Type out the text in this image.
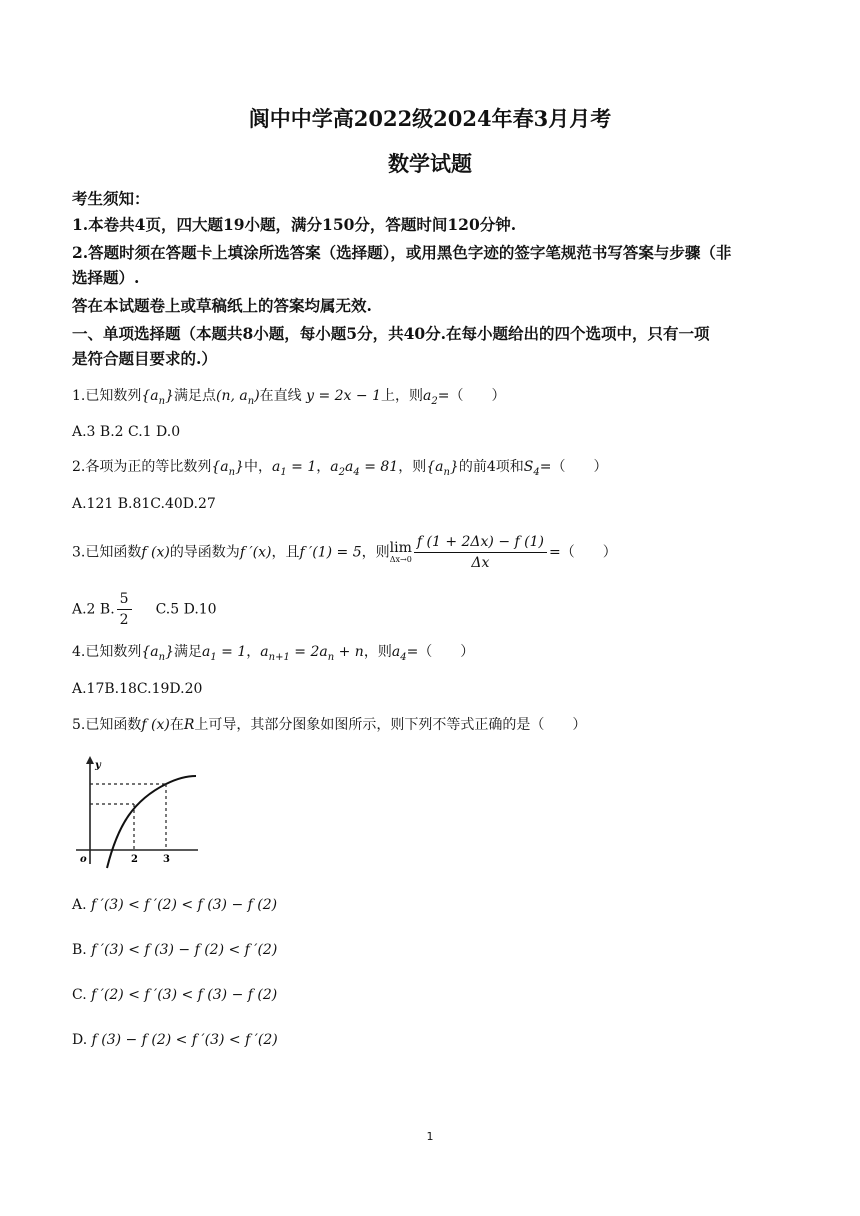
阆中中学高2022级2024年春3月月考
数学试题
考生须知：
1.本卷共4页，四大题19小题，满分150分，答题时间120分钟.
2.答题时须在答题卡上填涂所选答案（选择题），或用黑色字迹的签字笔规范书写答案与步骤（非
选择题）.
答在本试题卷上或草稿纸上的答案均属无效.
一、单项选择题（本题共8小题，每小题5分，共40分.在每小题给出的四个选项中，只有一项
是符合题目要求的.）
1.已知数列$\{a_n\}$满足点(n, $a_n$)在直线 y = 2x − 1上，则$a_2=$（　　）
A.3 B.2 C.1 D.0
2.各项为正的等比数列$\{a_n\}$中，$a_1 = 1$，$a_2a_4 = 81$，则$\{a_n\}$的前4项和$S_4=$（　　）
A.121 B.81C.40D.27
3.已知函数f (x)的导函数为f ′(x)，且f ′(1) = 5，则lim
$\Delta x\to 0 \frac{f (1 + 2\Delta x) - f (1)}{\Delta x}$ =（　　）
A.2 B. $\frac{5}{2} C.5$ D.10
4.已知数列$\{a_n\}$满足$a_1 = 1$，$a_{n+1} = 2a_n + n$，则$a_4=$（　　）
A.17B.18C.19D.20
5.已知函数f (x)在R上可导，其部分图象如图所示，则下列不等式正确的是（　　）
y
o	2	3
A. f ′(3) < f ′(2) < f (3) − f (2)
B. f ′(3) < f (3) − f (2) < f ′(2)
C. f ′(2) < f ′(3) < f (3) − f (2)
D. f (3) − f (2) < f ′(3) < f ′(2)
1
